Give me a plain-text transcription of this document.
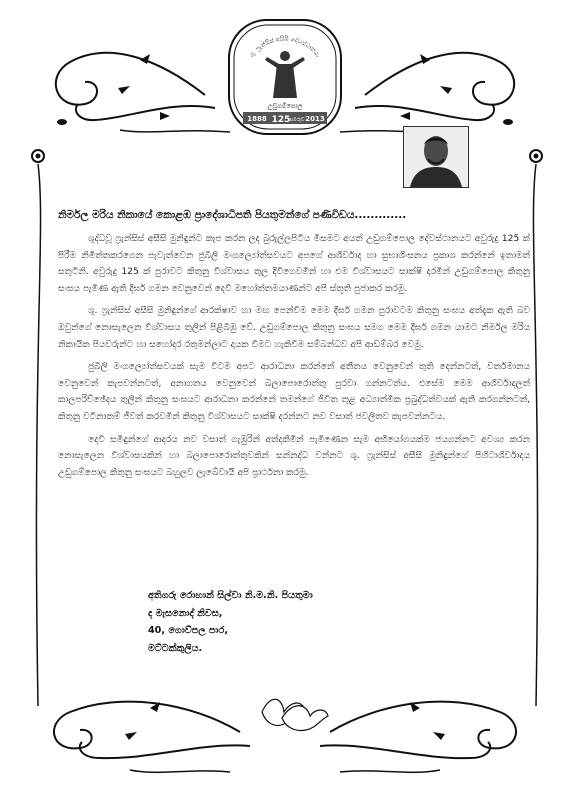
ශු. ෆ්‍රැන්සිස් අසීසි දේවස්ථානය,
උඩුගම්පොල
1888 125 සමරුව 2013
නිර්මල මරිය නිකායේ කොළඹ ප්‍රාදේශාධිපති පියතුමන්ගේ පණිවිඩය.............

ශුද්ධවූ ෆ්‍රැන්සිස් අසීසි මුනිඳුන්ට කැප කරන ලද බුරුල්ලපිටිය මීසමට අයත් උඩුගම්පොල දේවස්ථානයට අවුරුදු 125 ක් පිරීම නිමිත්තකරගෙන පැවැත්වෙන ජුබිලි මංගල්‍යෝත්සවයට අපගේ ආශිර්වාද හා සුභාශිංසනය ප්‍රකාශ කරන්නේ ඉතාමත් සතුටිනි. අවුරුදු 125 ක් පුරාවට කිතුනු විශ්වාසය තුල දිවිගෙවමින් හා එම විශ්වාසයට සාක්ෂි දරමින් උඩුගම්පොල කිතුනු සංඝය පැමිණ ඇති දීර්ඝ ගමන වෙනුවෙන් දෙවි මහෝත්තමයාණන්ට අපි ස්තූති පුජාකර කරමු.

ශු. ෆ්‍රැන්සිස් අසීසි මුනිඳුන්ගේ ආරක්ෂාව හා මඟ පෙන්වීම මෙම දීර්ඝ ගමන පුරාවටම කිතුනු සංඝය අත්දැක ඇති බව ඔවුන්ගේ නොසැලෙන විශ්වාසය තුලින් පිළිබිඹු වේ. උඩුගම්පොල කිතුනු සංඝය සමග මෙම දීර්ඝ ගමන යාමට නිර්මල මරිය නිකායික පියවරුන්ට හා සහෝදර රතුමන්ලාට දායක වීමට හැකිවීම සම්බන්ධව අපි ආඩම්බර වෙමු.

ජුබිලි මංගල්‍යෝත්සවයක් සැම විටම අපට ආරාධනා කරන්නේ අතීතය වෙනුවෙන් තුති දෙන්නටත්, වර්තමානය වෙනුවෙන් කැපවන්නටත්, අනාගතය වෙනුවෙන් බලාපොරොත්තු පුරවා ගන්නටත්ය. එසේම මෙම ආශිර්වාදලත් කාලපරිච්ඡේදය තුලින් කිතුනු සංඝයට ආරාධනා කරන්නේ තමන්ගේ ජීවිත තුළ අධ්‍යාත්මික ප්‍රබුද්ධත්වයක් ඇති කරගන්නටත්, කිතුනු වටිනාකම් ජීවත් කරවමින් කිතුනු විශ්වාසයට සාක්ෂි දරන්නට නව වසාත් ජවලිතව කැපවන්නටය.

දෙවි සමිඳුන්ගේ ආදරය නව වසාත් ගැඹුරින් අත්දකිමින් පැමිණෙන සැම අභියෝගයක්ම ජයගන්නට අවශ්‍ය කරන නොසැලෙන විශ්වාසයකින් හා බලාපොරොත්තුවකින් සන්නද්ධ වන්නට ශු. ෆ්‍රැන්සිස් අසීසි මුනිඳුන්ගේ පිහිටාශිර්වාදය උඩුගම්පොල කිතුනු සංඝයට බහුලව ලැබේවායි අපි ප්‍රාර්ථනා කරමු.

අතිගරු රොහාන් සිල්වා නි.ම.නි. පියතුමා
ද මැසනොද් නිවස,
40, ගොව්පල පාර,
මට්ටක්කුලිය.
